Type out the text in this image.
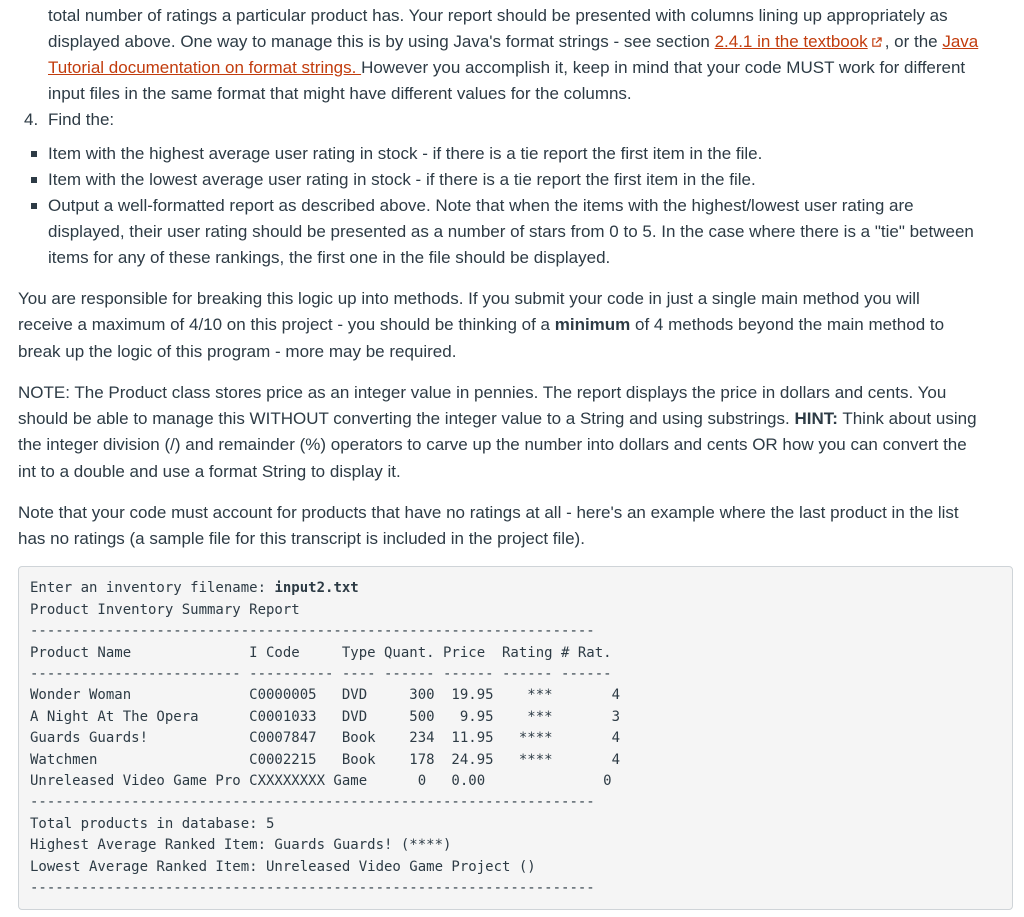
total number of ratings a particular product has. Your report should be presented with columns lining up appropriately as
displayed above. One way to manage this is by using Java's format strings - see section 2.4.1 in the textbook , or the Java
Tutorial documentation on format strings. However you accomplish it, keep in mind that your code MUST work for different
input files in the same format that might have different values for the columns.
4. Find the:
Item with the highest average user rating in stock - if there is a tie report the first item in the file.
Item with the lowest average user rating in stock - if there is a tie report the first item in the file.
Output a well-formatted report as described above. Note that when the items with the highest/lowest user rating are
displayed, their user rating should be presented as a number of stars from 0 to 5. In the case where there is a "tie" between
items for any of these rankings, the first one in the file should be displayed.
You are responsible for breaking this logic up into methods. If you submit your code in just a single main method you will
receive a maximum of 4/10 on this project - you should be thinking of a minimum of 4 methods beyond the main method to
break up the logic of this program - more may be required.
NOTE: The Product class stores price as an integer value in pennies. The report displays the price in dollars and cents. You
should be able to manage this WITHOUT converting the integer value to a String and using substrings. HINT: Think about using
the integer division (/) and remainder (%) operators to carve up the number into dollars and cents OR how you can convert the
int to a double and use a format String to display it.
Note that your code must account for products that have no ratings at all - here's an example where the last product in the list
has no ratings (a sample file for this transcript is included in the project file).
Enter an inventory filename: input2.txt
Product Inventory Summary Report
-------------------------------------------------------------------
Product Name              I Code     Type Quant. Price  Rating # Rat.
------------------------- ---------- ---- ------ ------ ------ ------
Wonder Woman              C0000005   DVD     300  19.95    ***       4
A Night At The Opera      C0001033   DVD     500   9.95    ***       3
Guards Guards!            C0007847   Book    234  11.95   ****       4
Watchmen                  C0002215   Book    178  24.95   ****       4
Unreleased Video Game Pro CXXXXXXXX Game      0   0.00              0
-------------------------------------------------------------------
Total products in database: 5
Highest Average Ranked Item: Guards Guards! (****)
Lowest Average Ranked Item: Unreleased Video Game Project ()
-------------------------------------------------------------------
